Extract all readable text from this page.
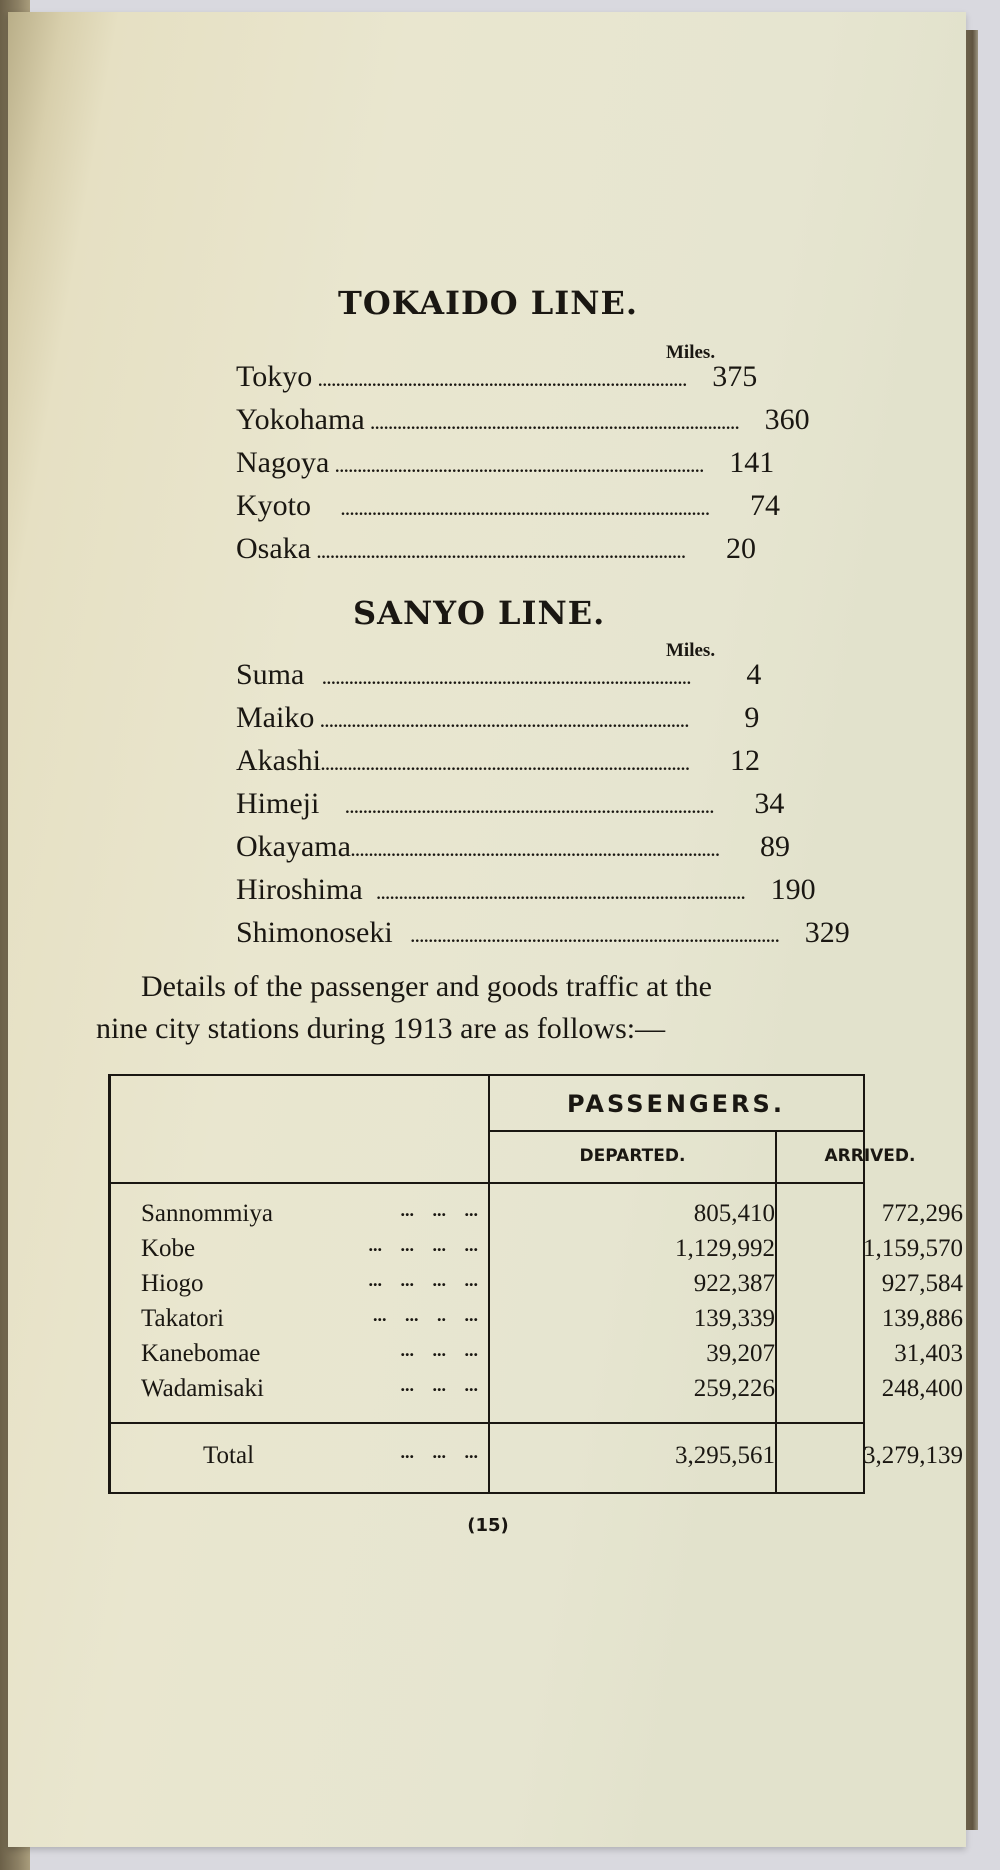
TOKAIDO LINE.
Miles.
Tokyo .................................................................................. 375
Yokohama .................................................................................. 360
Nagoya .................................................................................. 141
Kyoto	..................................................................................	74
Osaka ..................................................................................	20
SANYO LINE.
Miles.
Suma	..................................................................................	4
Maiko ..................................................................................	9
Akashi ..................................................................................	12
Himeji	..................................................................................	34
Okayama ..................................................................................	89
Hiroshima .................................................................................. 190
Shimonoseki	.................................................................................. 329
Details of the passenger and goods traffic at the
nine city stations during 1913 are as follows:—
PASSENGERS.
DEPARTED.	ARRIVED.
Sannommiya	... ... ...	805,410	772,296
Kobe	... ... ... ...	1,129,992	1,159,570
Hiogo	... ... ... ...	922,387	927,584
Takatori	... ... .. ...	139,339	139,886
Kanebomae	... ... ...	39,207	31,403
Wadamisaki	... ... ...	259,226	248,400
Total	... ... ...	3,295,561	3,279,139
(15)
